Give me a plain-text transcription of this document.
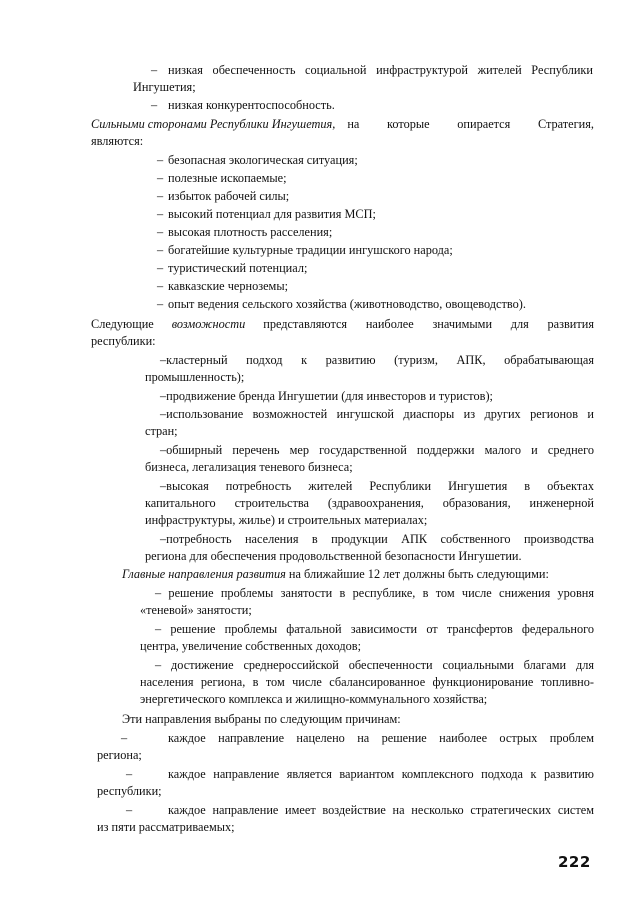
– низкая обеспеченность социальной инфраструктурой жителей Республики
Ингушетия;
– низкая конкурентоспособность.
Сильными сторонами Республики Ингушетия, на которые опирается Стратегия,
являются:
– безопасная экологическая ситуация;
– полезные ископаемые;
– избыток рабочей силы;
– высокий потенциал для развития МСП;
– высокая плотность расселения;
– богатейшие культурные традиции ингушского народа;
– туристический потенциал;
– кавказские черноземы;
– опыт ведения сельского хозяйства (животноводство, овощеводство).
Следующие возможности представляются наиболее значимыми для развития
республики:
–кластерный подход к развитию (туризм, АПК, обрабатывающая
промышленность);
–продвижение бренда Ингушетии (для инвесторов и туристов);
–использование возможностей ингушской диаспоры из других регионов и
стран;
–обширный перечень мер государственной поддержки малого и среднего
бизнеса, легализация теневого бизнеса;
–высокая потребность жителей Республики Ингушетия в объектах
капитального строительства (здравоохранения, образования, инженерной
инфраструктуры, жилье) и строительных материалах;
–потребность населения в продукции АПК собственного производства
региона для обеспечения продовольственной безопасности Ингушетии.
Главные направления развития на ближайшие 12 лет должны быть следующими:
– решение проблемы занятости в республике, в том числе снижения уровня
«теневой» занятости;
– решение проблемы фатальной зависимости от трансфертов федерального
центра, увеличение собственных доходов;
– достижение среднероссийской обеспеченности социальными благами для
населения региона, в том числе сбалансированное функционирование топливно-
энергетического комплекса и жилищно-коммунального хозяйства;
Эти направления выбраны по следующим причинам:
–	каждое направление нацелено на решение наиболее острых проблем
региона;
–	каждое направление является вариантом комплексного подхода к развитию
республики;
–	каждое направление имеет воздействие на несколько стратегических систем
из пяти рассматриваемых;
222
